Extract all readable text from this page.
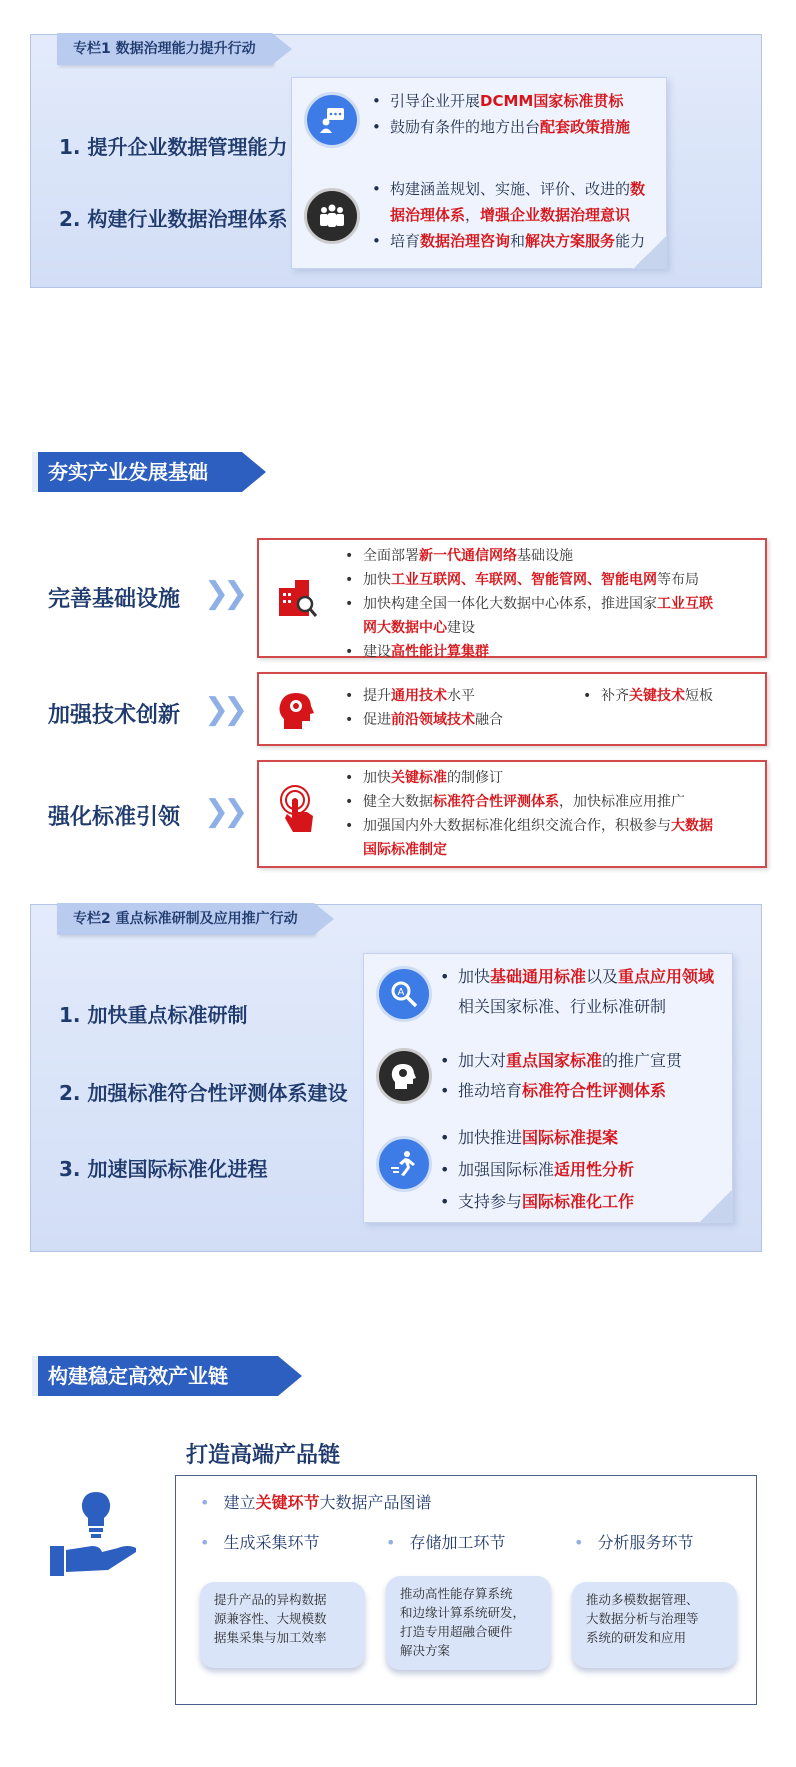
专栏1 数据治理能力提升行动
1. 提升企业数据管理能力
2. 构建行业数据治理体系
• 引导企业开展DCMM国家标准贯标
• 鼓励有条件的地方出台配套政策措施
• 构建涵盖规划、实施、评价、改进的数
据治理体系，增强企业数据治理意识
• 培育数据治理咨询和解决方案服务能力
夯实产业发展基础
完善基础设施 ❯❯
• 全面部署新一代通信网络基础设施
• 加快工业互联网、车联网、智能管网、智能电网等布局
• 加快构建全国一体化大数据中心体系，推进国家工业互联
网大数据中心建设
• 建设高性能计算集群
加强技术创新 ❯❯
•	提升通用技术水平
• 促进前沿领域技术融合
• 补齐关键技术短板
强化标准引领 ❯❯
• 加快关键标准的制修订
• 健全大数据标准符合性评测体系，加快标准应用推广
• 加强国内外大数据标准化组织交流合作，积极参与大数据
国际标准制定
专栏2 重点标准研制及应用推广行动
1. 加快重点标准研制
2. 加强标准符合性评测体系建设
3. 加速国际标准化进程
A
• 加快基础通用标准以及重点应用领域
相关国家标准、行业标准研制
• 加大对重点国家标准的推广宣贯
• 推动培育标准符合性评测体系
• 加快推进国际标准提案
• 加强国际标准适用性分析
• 支持参与国际标准化工作
构建稳定高效产业链
打造高端产品链
• 建立关键环节大数据产品图谱
• 生成采集环节	• 存储加工环节	• 分析服务环节
提升产品的异构数据
源兼容性、大规模数
据集采集与加工效率
推动高性能存算系统
和边缘计算系统研发，
打造专用超融合硬件
解决方案
推动多模数据管理、
大数据分析与治理等
系统的研发和应用
